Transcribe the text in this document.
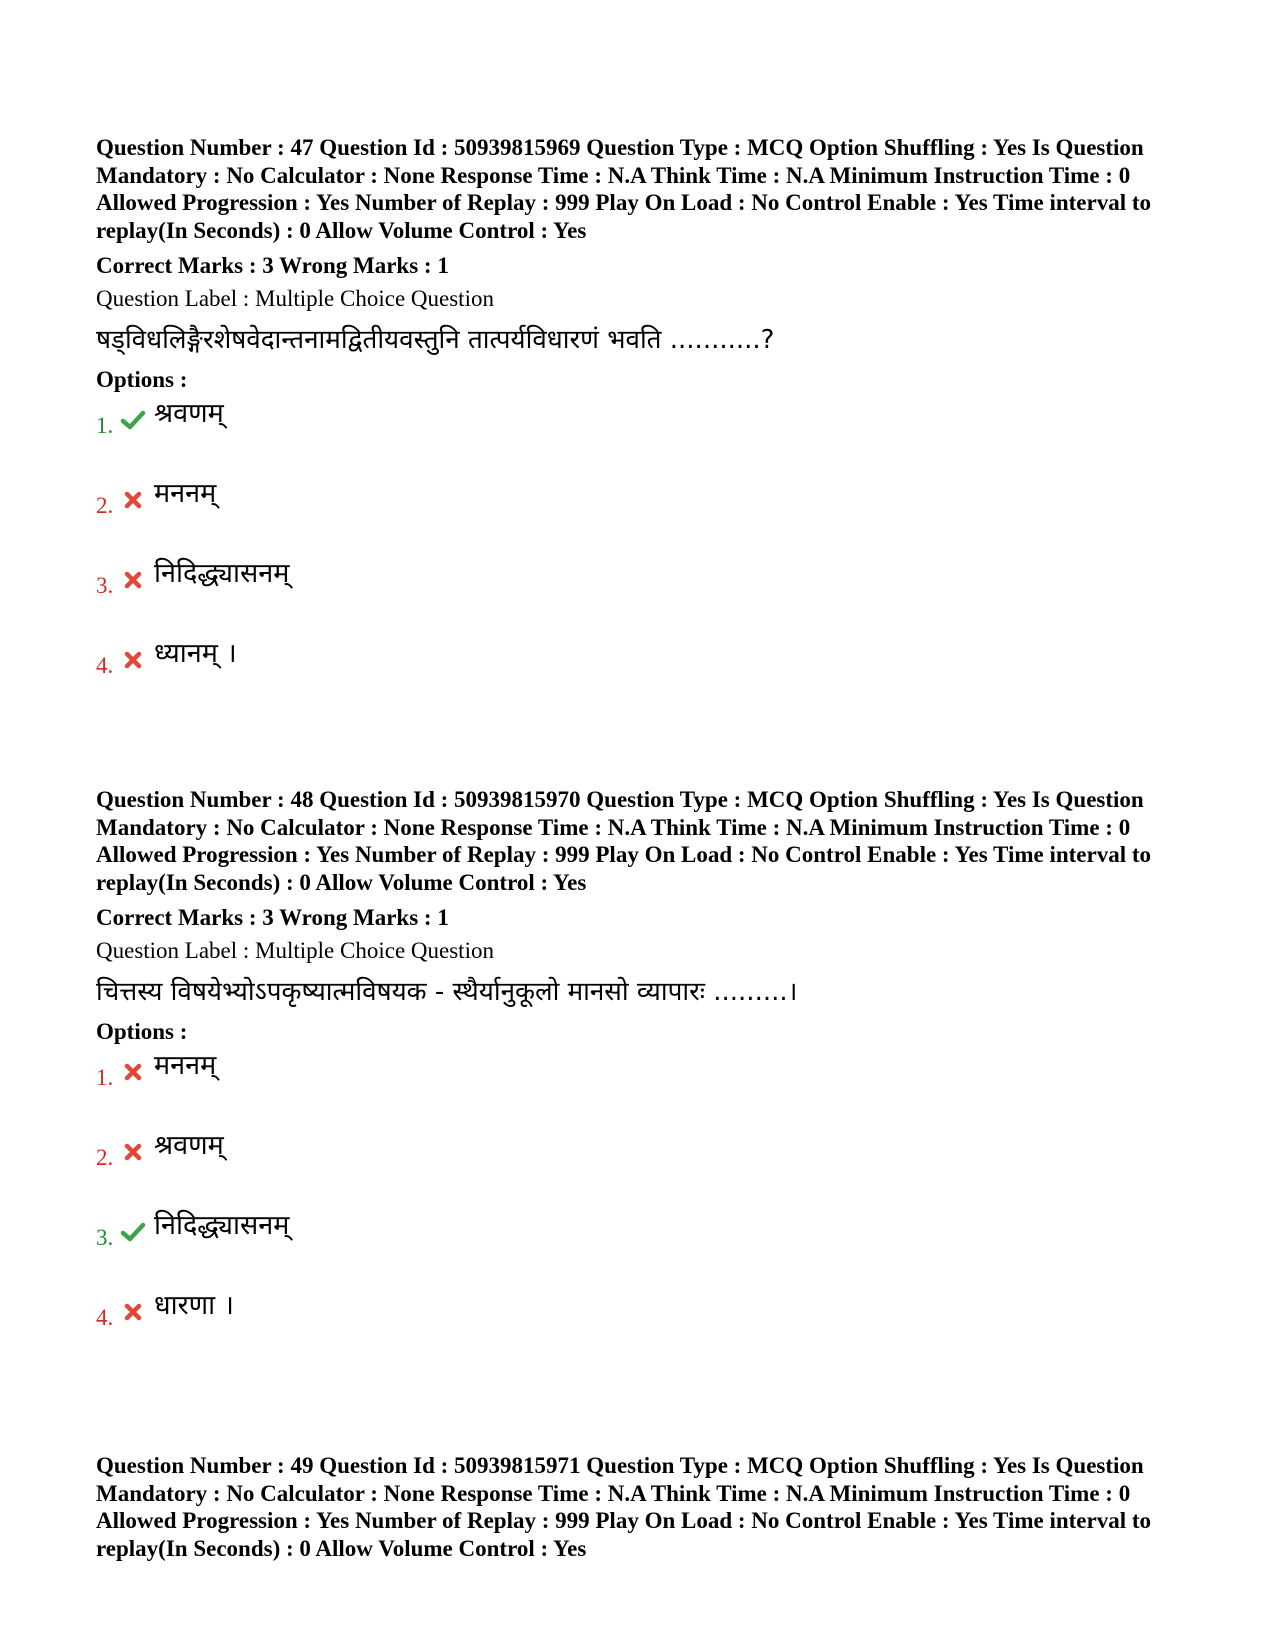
Question Number : 47 Question Id : 50939815969 Question Type : MCQ Option Shuffling : Yes Is Question Mandatory : No Calculator : None Response Time : N.A Think Time : N.A Minimum Instruction Time : 0 Allowed Progression : Yes Number of Replay : 999 Play On Load : No Control Enable : Yes Time interval to replay(In Seconds) : 0 Allow Volume Control : Yes

Correct Marks : 3 Wrong Marks : 1
Question Label : Multiple Choice Question
षड्विधलिङ्गैरशेषवेदान्तनामद्वितीयवस्तुनि तात्पर्यविधारणं भवति ...........?
Options :
1. श्रवणम्
2. मननम्
3. निदिद्ध्यासनम्
4. ध्यानम् ।

Question Number : 48 Question Id : 50939815970 Question Type : MCQ Option Shuffling : Yes Is Question Mandatory : No Calculator : None Response Time : N.A Think Time : N.A Minimum Instruction Time : 0 Allowed Progression : Yes Number of Replay : 999 Play On Load : No Control Enable : Yes Time interval to replay(In Seconds) : 0 Allow Volume Control : Yes

Correct Marks : 3 Wrong Marks : 1
Question Label : Multiple Choice Question
चित्तस्य विषयेभ्योऽपकृष्यात्मविषयक - स्थैर्यानुकूलो मानसो व्यापारः .........।
Options :
1. मननम्
2. श्रवणम्
3. निदिद्ध्यासनम्
4. धारणा ।

Question Number : 49 Question Id : 50939815971 Question Type : MCQ Option Shuffling : Yes Is Question Mandatory : No Calculator : None Response Time : N.A Think Time : N.A Minimum Instruction Time : 0 Allowed Progression : Yes Number of Replay : 999 Play On Load : No Control Enable : Yes Time interval to replay(In Seconds) : 0 Allow Volume Control : Yes
